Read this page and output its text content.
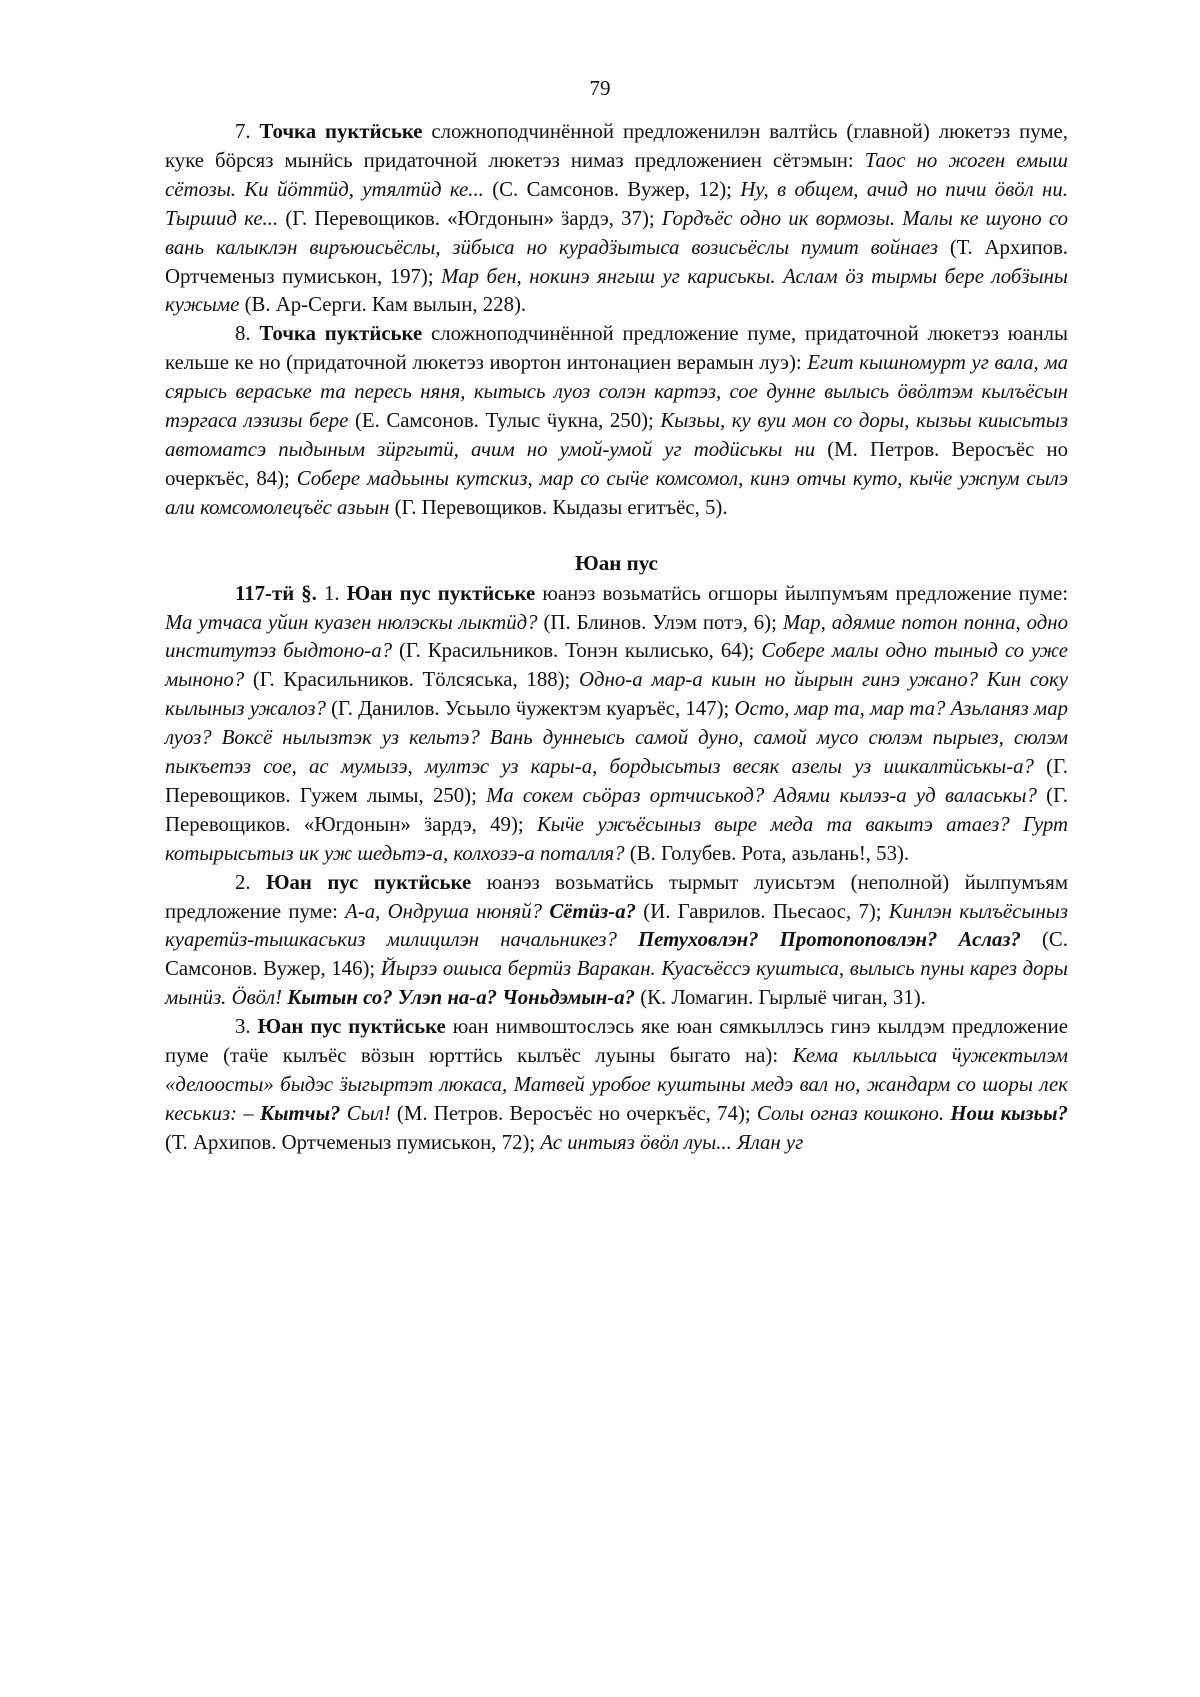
79

7. Точка пуктӥське сложноподчинённой предложенилэн валтӥсь (главной) люкетэз пуме, куке бöрсяз мынӥсь придаточной люкетэз нимаз предложениен сётэмын: Таос но жоген емыш сётозы. Ки йöттӥд, утялтӥд ке... (С. Самсонов. Вужер, 12); Ну, в общем, ачид но пичи öвöл ни. Тыршид ке... (Г. Перевощиков. «Югдонын» ӟардэ, 37); Гордъёс одно ик вормозы. Малы ке шуоно со вань калыклэн виръюисьёслы, зӥбыса но курадӟытыса возисьёслы пумит войнаез (Т. Архипов. Ортчеменыз пумиськон, 197); Мар бен, нокинэ янгыш уг кариськы. Аслам öз тырмы бере лобӟыны кужыме (В. Ар-Серги. Кам вылын, 228).

8. Точка пуктӥське сложноподчинённой предложение пуме, придаточной люкетэз юанлы кельше ке но (придаточной люкетэз ивортон интонациен верамын луэ): Егит кышномурт уг вала, ма сярысь вераське та пересь няня, кытысь луоз солэн картэз, сое дунне вылысь öвöлтэм кылъёсын тэргаса лэзизы бере (Е. Самсонов. Тулыс ӵукна, 250); Кызьы, ку вуи мон со доры, кызьы киысьтыз автоматсэ пыдыным зӥргытӥ, ачим но умой-умой уг тодӥськы ни (М. Петров. Веросъёс но очеркъёс, 84); Собере мадьыны кутскиз, мар со сыӵе комсомол, кинэ отчы куто, кыӵе ужпум сылэ али комсомолецъёс азьын (Г. Перевощиков. Кыдазы егитъёс, 5).

Юан пус

117-тӥ §. 1. Юан пус пуктӥське юанэз возьматӥсь огшоры йылпумъям предложение пуме: Ма утчаса уйин куазен нюлэскы лыктӥд? (П. Блинов. Улэм потэ, 6); Мар, адямие потон понна, одно институтэз быдтоно-а? (Г. Красильников. Тонэн кылисько, 64); Собере малы одно тыныд со уже мыноно? (Г. Красильников. Тöлсяська, 188); Одно-а мар-а киын но йырын гинэ ужано? Кин соку кылыныз ужалоз? (Г. Данилов. Усьыло ӵужектэм куаръёс, 147); Осто, мар та, мар та? Азьланяз мар луоз? Воксё нылызтэк уз кельтэ? Вань дуннеысь самой дуно, самой мусо сюлэм пырыез, сюлэм пыкъетэз сое, ас мумызэ, мултэс уз кары-а, бордысьтыз весяк азелы уз ишкалтӥськы-а? (Г. Перевощиков. Гужем лымы, 250); Ма сокем сьöраз ортчиськод? Адями кылэз-а уд валаськы? (Г. Перевощиков. «Югдонын» ӟардэ, 49); Кыӵе ужъёсыныз выре меда та вакытэ атаез? Гурт котырысьтыз ик уж шедьтэ-а, колхозэ-а поталля? (В. Голубев. Рота, азьлань!, 53).

2. Юан пус пуктӥське юанэз возьматӥсь тырмыт луисьтэм (неполной) йылпумъям предложение пуме: А-а, Ондруша нюняй? Сётӥз-а? (И. Гаврилов. Пьесаос, 7); Кинлэн кылъёсыныз куаретӥз-тышкаськиз милицилэн начальникез? Петуховлэн? Протопоповлэн? Аслаз? (С. Самсонов. Вужер, 146); Йырзэ ошыса бертӥз Варакан. Куасъёссэ куштыса, вылысь пуны карез доры мынӥз. Öвöл! Кытын со? Улэп на-а? Чоньдэмын-а? (К. Ломагин. Гырлыё чиган, 31).

3. Юан пус пуктӥське юан нимвоштослэсь яке юан сямкыллэсь гинэ кылдэм предложение пуме (таӵе кылъёс вöзын юрттӥсь кылъёс луыны быгато на): Кема кылльыса ӵужектылэм «делоосты» быдэс ӟыгыртэт люкаса, Матвей уробое куштыны медэ вал но, жандарм со шоры лек кеськиз: – Кытчы? Сыл! (М. Петров. Веросъёс но очеркъёс, 74); Солы огназ кошконо. Нош кызьы? (Т. Архипов. Ортчеменыз пумиськон, 72); Ас интыяз öвöл луы... Ялан уг
